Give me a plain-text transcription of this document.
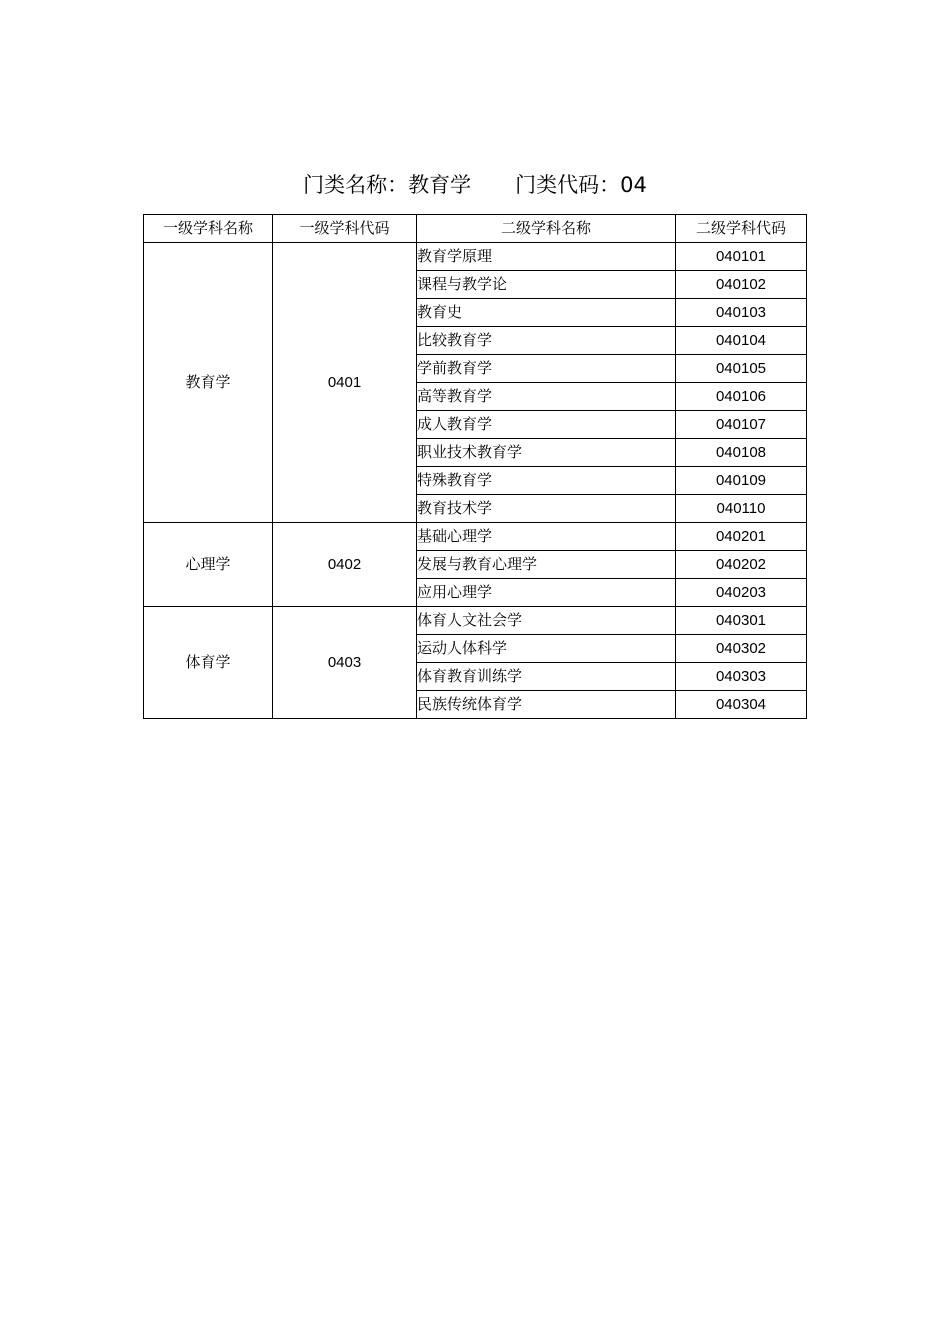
门类名称：教育学 门类代码：04
一级学科名称	一级学科代码	二级学科名称	二级学科代码
教育学	0401	教育学原理	040101
		课程与教学论	040102
		教育史	040103
		比较教育学	040104
		学前教育学	040105
		高等教育学	040106
		成人教育学	040107
		职业技术教育学	040108
		特殊教育学	040109
		教育技术学	040110
心理学	0402	基础心理学	040201
		发展与教育心理学	040202
		应用心理学	040203
体育学	0403	体育人文社会学	040301
		运动人体科学	040302
		体育教育训练学	040303
		民族传统体育学	040304
